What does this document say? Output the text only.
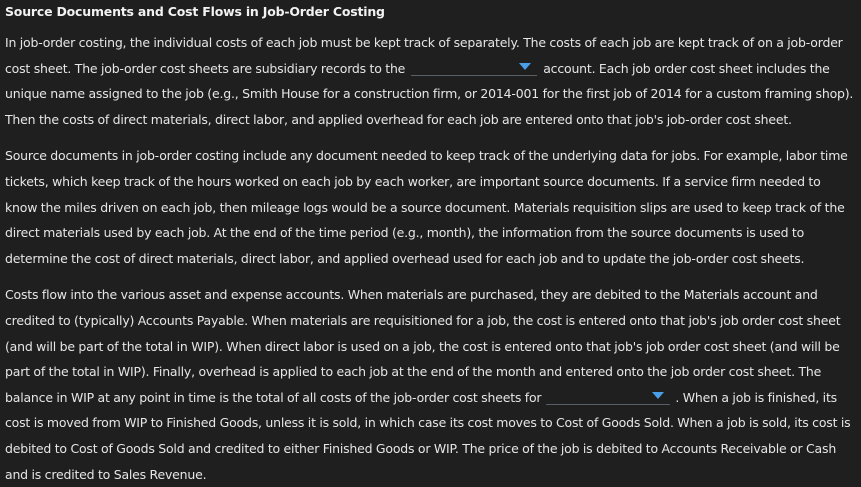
Source Documents and Cost Flows in Job-Order Costing

In job-order costing, the individual costs of each job must be kept track of separately. The costs of each job are kept track of on a job-order cost sheet. The job-order cost sheets are subsidiary records to the	account. Each job order cost sheet includes the unique name assigned to the job (e.g., Smith House for a construction firm, or 2014-001 for the first job of 2014 for a custom framing shop). Then the costs of direct materials, direct labor, and applied overhead for each job are entered onto that job's job-order cost sheet.

Source documents in job-order costing include any document needed to keep track of the underlying data for jobs. For example, labor time tickets, which keep track of the hours worked on each job by each worker, are important source documents. If a service firm needed to know the miles driven on each job, then mileage logs would be a source document. Materials requisition slips are used to keep track of the direct materials used by each job. At the end of the time period (e.g., month), the information from the source documents is used to determine the cost of direct materials, direct labor, and applied overhead used for each job and to update the job-order cost sheets.

Costs flow into the various asset and expense accounts. When materials are purchased, they are debited to the Materials account and credited to (typically) Accounts Payable. When materials are requisitioned for a job, the cost is entered onto that job's job order cost sheet (and will be part of the total in WIP). When direct labor is used on a job, the cost is entered onto that job's job order cost sheet (and will be part of the total in WIP). Finally, overhead is applied to each job at the end of the month and entered onto the job order cost sheet. The balance in WIP at any point in time is the total of all costs of the job-order cost sheets for	. When a job is finished, its cost is moved from WIP to Finished Goods, unless it is sold, in which case its cost moves to Cost of Goods Sold. When a job is sold, its cost is debited to Cost of Goods Sold and credited to either Finished Goods or WIP. The price of the job is debited to Accounts Receivable or Cash and is credited to Sales Revenue.
